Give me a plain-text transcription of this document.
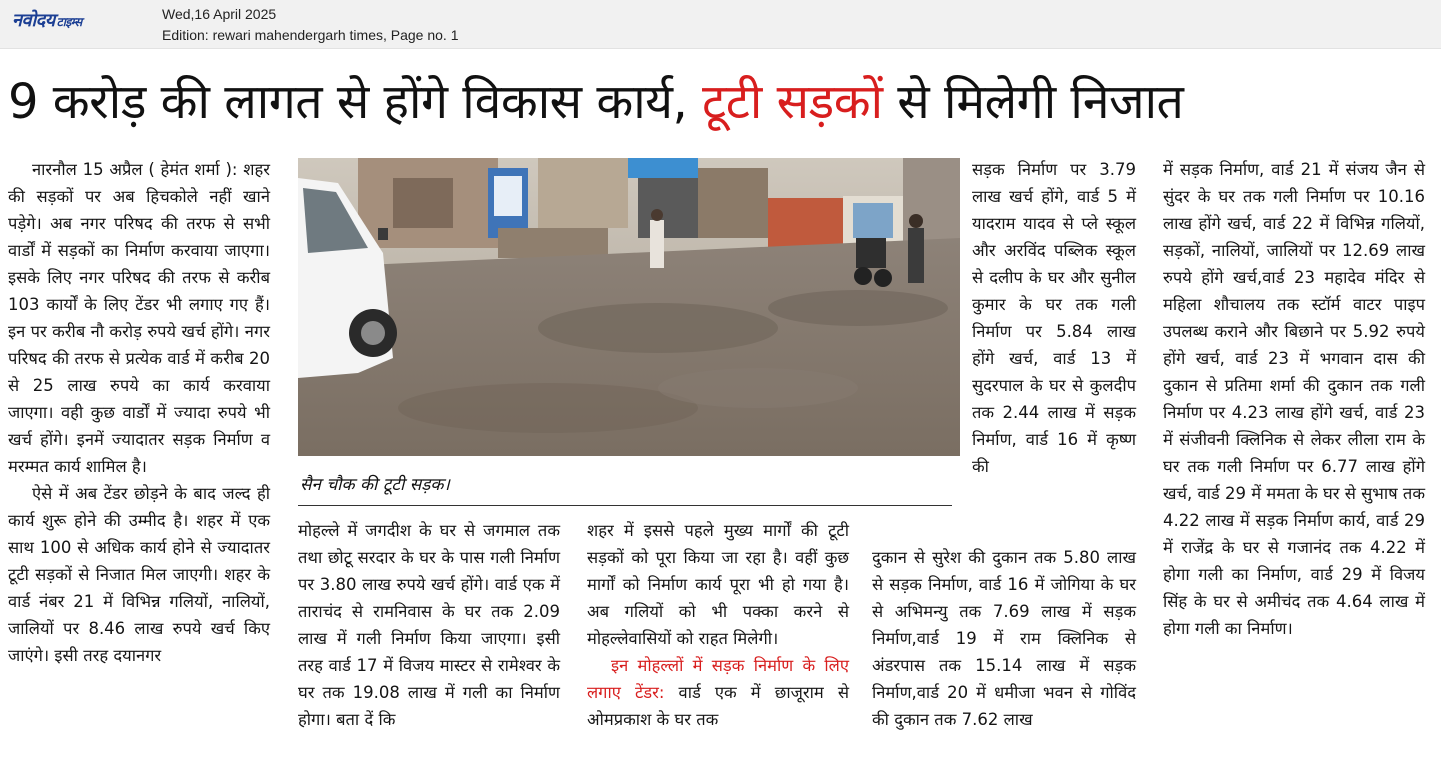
नवोदय टाइम्स	Wed,16 April 2025
Edition: rewari mahendergarh times, Page no. 1
9 करोड़ की लागत से होंगे विकास कार्य, टूटी सड़कों से मिलेगी निजात

नारनौल 15 अप्रैल ( हेमंत शर्मा ): शहर की सड़कों पर अब हिचकोले नहीं खाने पड़ेगे। अब नगर परिषद की तरफ से सभी वार्डों में सड़कों का निर्माण करवाया जाएगा। इसके लिए नगर परिषद की तरफ से करीब 103 कार्यों के लिए टेंडर भी लगाए गए हैं। इन पर करीब नौ करोड़ रुपये खर्च होंगे। नगर परिषद की तरफ से प्रत्येक वार्ड में करीब 20 से 25 लाख रुपये का कार्य करवाया जाएगा। वही कुछ वार्डों में ज्यादा रुपये भी खर्च होंगे। इनमें ज्यादातर सड़क निर्माण व मरम्मत कार्य शामिल है।

ऐसे में अब टेंडर छोड़ने के बाद जल्द ही कार्य शुरू होने की उम्मीद है। शहर में एक साथ 100 से अधिक कार्य होने से ज्यादातर टूटी सड़कों से निजात मिल जाएगी। शहर के वार्ड नंबर 21 में विभिन्न गलियों, नालियों, जालियों पर 8.46 लाख रुपये खर्च किए जाएंगे। इसी तरह दयानगर

सैन चौक की टूटी सड़क।

मोहल्ले में जगदीश के घर से जगमाल तक तथा छोटू सरदार के घर के पास गली निर्माण पर 3.80 लाख रुपये खर्च होंगे। वार्ड एक में ताराचंद से रामनिवास के घर तक 2.09 लाख में गली निर्माण किया जाएगा। इसी तरह वार्ड 17 में विजय मास्टर से रामेश्वर के घर तक 19.08 लाख में गली का निर्माण होगा। बता दें कि

शहर में इससे पहले मुख्य मार्गों की टूटी सड़कों को पूरा किया जा रहा है। वहीं कुछ मार्गों को निर्माण कार्य पूरा भी हो गया है। अब गलियों को भी पक्का करने से मोहल्लेवासियों को राहत मिलेगी।

इन मोहल्लों में सड़क निर्माण के लिए लगाए टेंडर: वार्ड एक में छाजूराम से ओमप्रकाश के घर तक

सड़क निर्माण पर 3.79 लाख खर्च होंगे, वार्ड 5 में यादराम यादव से प्ले स्कूल और अरविंद पब्लिक स्कूल से दलीप के घर और सुनील कुमार के घर तक गली निर्माण पर 5.84 लाख होंगे खर्च, वार्ड 13 में सुदरपाल के घर से कुलदीप तक 2.44 लाख में सड़क निर्माण, वार्ड 16 में कृष्ण की

दुकान से सुरेश की दुकान तक 5.80 लाख से सड़क निर्माण, वार्ड 16 में जोगिया के घर से अभिमन्यु तक 7.69 लाख में सड़क निर्माण,वार्ड 19 में राम क्लिनिक से अंडरपास तक 15.14 लाख में सड़क निर्माण,वार्ड 20 में धमीजा भवन से गोविंद की दुकान तक 7.62 लाख

में सड़क निर्माण, वार्ड 21 में संजय जैन से सुंदर के घर तक गली निर्माण पर 10.16 लाख होंगे खर्च, वार्ड 22 में विभिन्न गलियों, सड़कों, नालियों, जालियों पर 12.69 लाख रुपये होंगे खर्च,वार्ड 23 महादेव मंदिर से महिला शौचालय तक स्टॉर्म वाटर पाइप उपलब्ध कराने और बिछाने पर 5.92 रुपये होंगे खर्च, वार्ड 23 में भगवान दास की दुकान से प्रतिमा शर्मा की दुकान तक गली निर्माण पर 4.23 लाख होंगे खर्च, वार्ड 23 में संजीवनी क्लिनिक से लेकर लीला राम के घर तक गली निर्माण पर 6.77 लाख होंगे खर्च, वार्ड 29 में ममता के घर से सुभाष तक 4.22 लाख में सड़क निर्माण कार्य, वार्ड 29 में राजेंद्र के घर से गजानंद तक 4.22 में होगा गली का निर्माण, वार्ड 29 में विजय सिंह के घर से अमीचंद तक 4.64 लाख में होगा गली का निर्माण।
